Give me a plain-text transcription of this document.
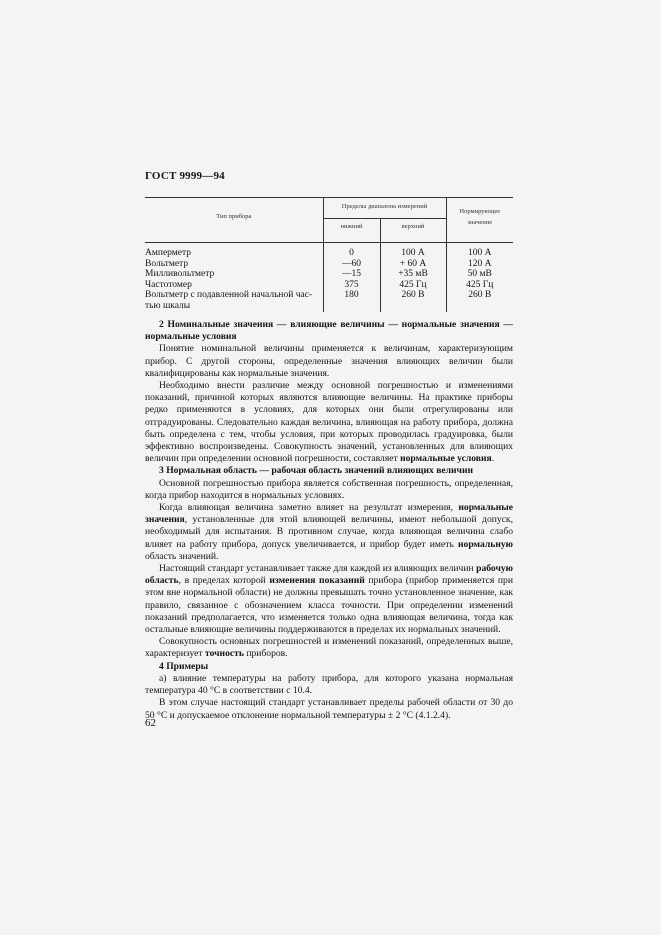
ГОСТ 9999—94

Тип прибора	Пределы диапазона измерений		Нормирующее
значение
	нижний	верхний	

Амперметр	0	100 А	100 А
Вольтметр	—60	+ 60 А	120 А
Милливольтметр	—15	+35 мВ	50 мВ
Частотомер	375	425 Гц	425 Гц
Вольтметр с подавленной начальной час-	180	260 В	260 В
тью шкалы			

2 Номинальные значения — влияющие величины — нормальные значения — нормальные условия

Понятие номинальной величины применяется к величинам, характеризующим прибор. С другой стороны, определенные значения влияющих величин были квалифицированы как нормальные значения.

Необходимо внести различие между основной погрешностью и изменениями показаний, причиной которых являются влияющие величины. На практике приборы редко применяются в условиях, для которых они были отрегулированы или отградуированы. Следовательно каждая величина, влияющая на работу прибора, должна быть определена с тем, чтобы условия, при которых проводилась градуировка, были эффективно воспроизведены. Совокупность значений, установленных для влияющих величин при определении основной погрешности, составляет нормальные условия.

3 Нормальная область — рабочая область значений влияющих величин

Основной погрешностью прибора является собственная погрешность, определенная, когда прибор находится в нормальных условиях.

Когда влияющая величина заметно влияет на результат измерения, нормальные значения, установленные для этой влияющей величины, имеют небольшой допуск, необходимый для испытания. В противном случае, когда влияющая величина слабо влияет на работу прибора, допуск увеличивается, и прибор будет иметь нормальную область значений.

Настоящий стандарт устанавливает также для каждой из влияющих величин рабочую область, в пределах которой изменения показаний прибора (прибор применяется при этом вне нормальной области) не должны превышать точно установленное значение, как правило, связанное с обозначением класса точности. При определении изменений показаний предполагается, что изменяется только одна влияющая величина, тогда как остальные влияющие величины поддерживаются в пределах их нормальных значений.

Совокупность основных погрешностей и изменений показаний, определенных выше, характеризует точность приборов.

4 Примеры

а) влияние температуры на работу прибора, для которого указана нормальная температура 40 °С в соответствии с 10.4.

В этом случае настоящий стандарт устанавливает пределы рабочей области от 30 до 50 °С и допускаемое отклонение нормальной температуры ± 2 °С (4.1.2.4).

62
